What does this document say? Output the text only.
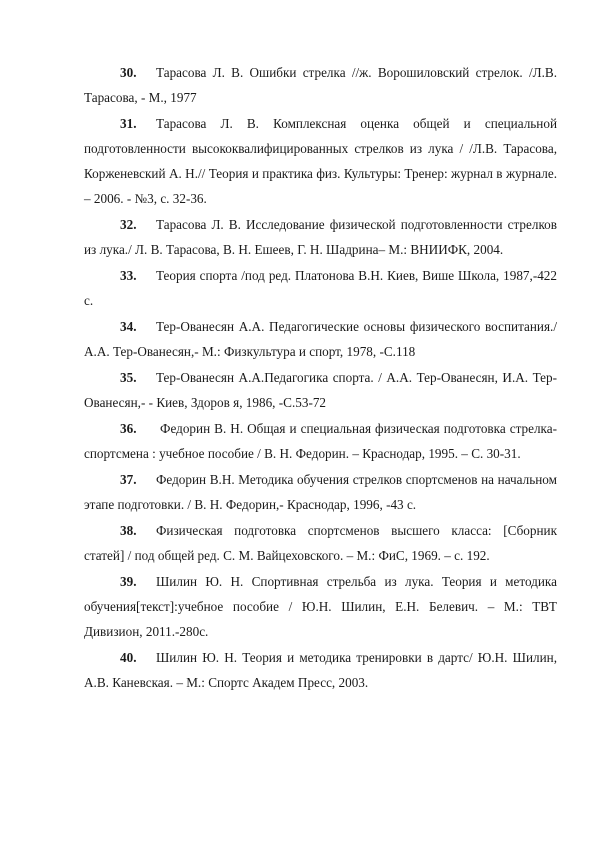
30. Тарасова Л. В. Ошибки стрелка //ж. Ворошиловский стрелок. /Л.В. Тарасова, - М., 1977

31. Тарасова Л. В. Комплексная оценка общей и специальной подготовленности высококвалифицированных стрелков из лука / /Л.В. Тарасова, Корженевский А. Н.// Теория и практика физ. Культуры: Тренер: журнал в журнале. – 2006. - №3, с. 32-36.

32. Тарасова Л. В. Исследование физической подготовленности стрелков из лука./ Л. В. Тарасова, В. Н. Ешеев, Г. Н. Шадрина– М.: ВНИИФК, 2004.

33. Теория спорта /под ред. Платонова В.Н. Киев, Више Школа, 1987,-422 с.

34. Тер-Ованесян А.А. Педагогические основы физического воспитания./ А.А. Тер-Ованесян,- М.: Физкультура и спорт, 1978, -С.118

35. Тер-Ованесян А.А.Педагогика спорта. / А.А. Тер-Ованесян, И.А. Тер-Ованесян,- - Киев, Здоров я, 1986, -С.53-72

36. Федорин В. Н. Общая и специальная физическая подготовка стрелка-спортсмена : учебное пособие / В. Н. Федорин. – Краснодар, 1995. – С. 30-31.

37. Федорин В.Н. Методика обучения стрелков спортсменов на начальном этапе подготовки. / В. Н. Федорин,- Краснодар, 1996, -43 с.

38. Физическая подготовка спортсменов высшего класса: [Сборник статей] / под общей ред. С. М. Вайцеховского. – М.: ФиС, 1969. – с. 192.

39. Шилин Ю. Н. Спортивная стрельба из лука. Теория и методика обучения[текст]:учебное пособие / Ю.Н. Шилин, Е.Н. Белевич. – М.: ТВТ Дивизион, 2011.-280с.

40. Шилин Ю. Н. Теория и методика тренировки в дартс/ Ю.Н. Шилин, А.В. Каневская. – М.: Спортс Академ Пресс, 2003.
